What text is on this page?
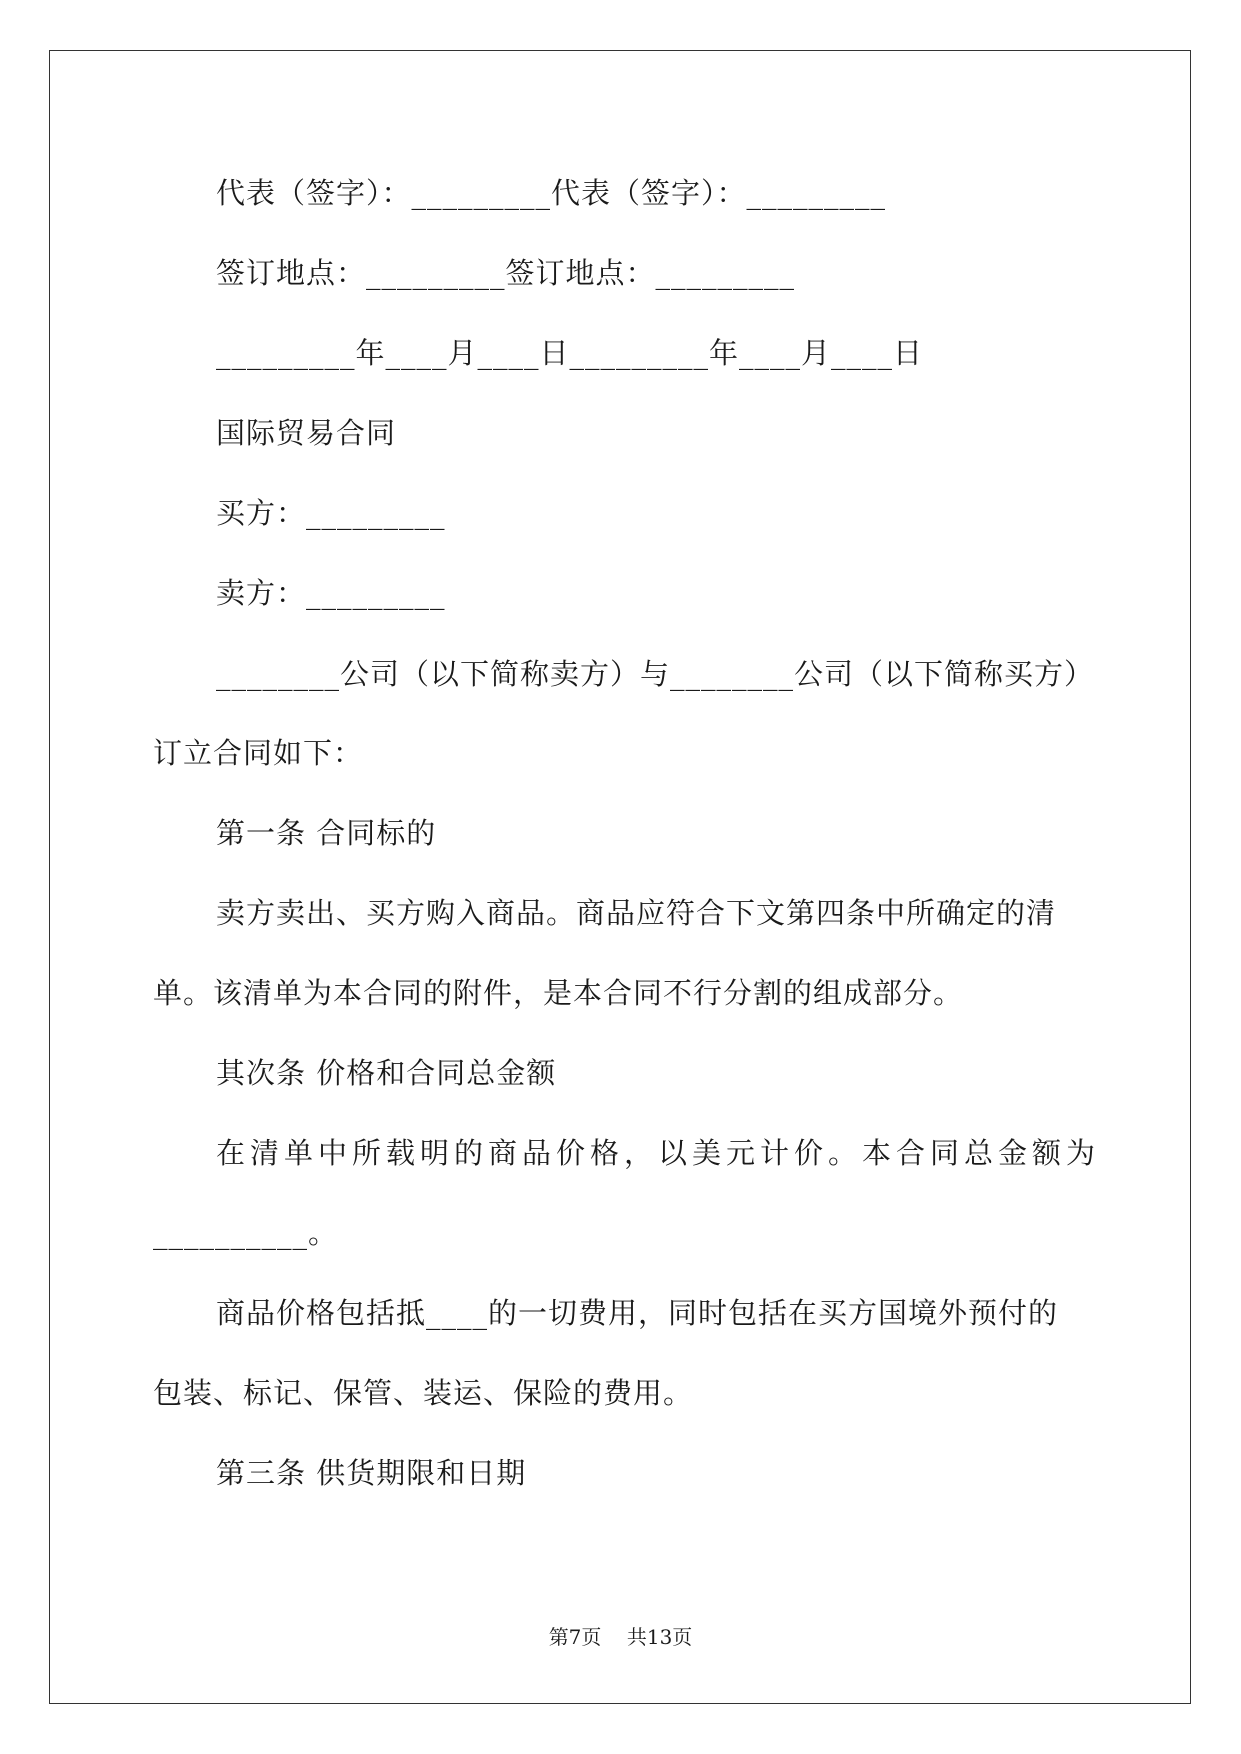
代表（签字）：_________代表（签字）：_________
签订地点：_________签订地点：_________
_________年____月____日_________年____月____日
国际贸易合同
买方：_________
卖方：_________
________公司（以下简称卖方）与________公司（以下简称买方）
订立合同如下：
第一条 合同标的
卖方卖出、买方购入商品。商品应符合下文第四条中所确定的清
单。该清单为本合同的附件，是本合同不行分割的组成部分。
其次条 价格和合同总金额
在清单中所载明的商品价格，以美元计价。本合同总金额为
__________。
商品价格包括抵____的一切费用，同时包括在买方国境外预付的
包装、标记、保管、装运、保险的费用。
第三条 供货期限和日期
第7页    共13页
